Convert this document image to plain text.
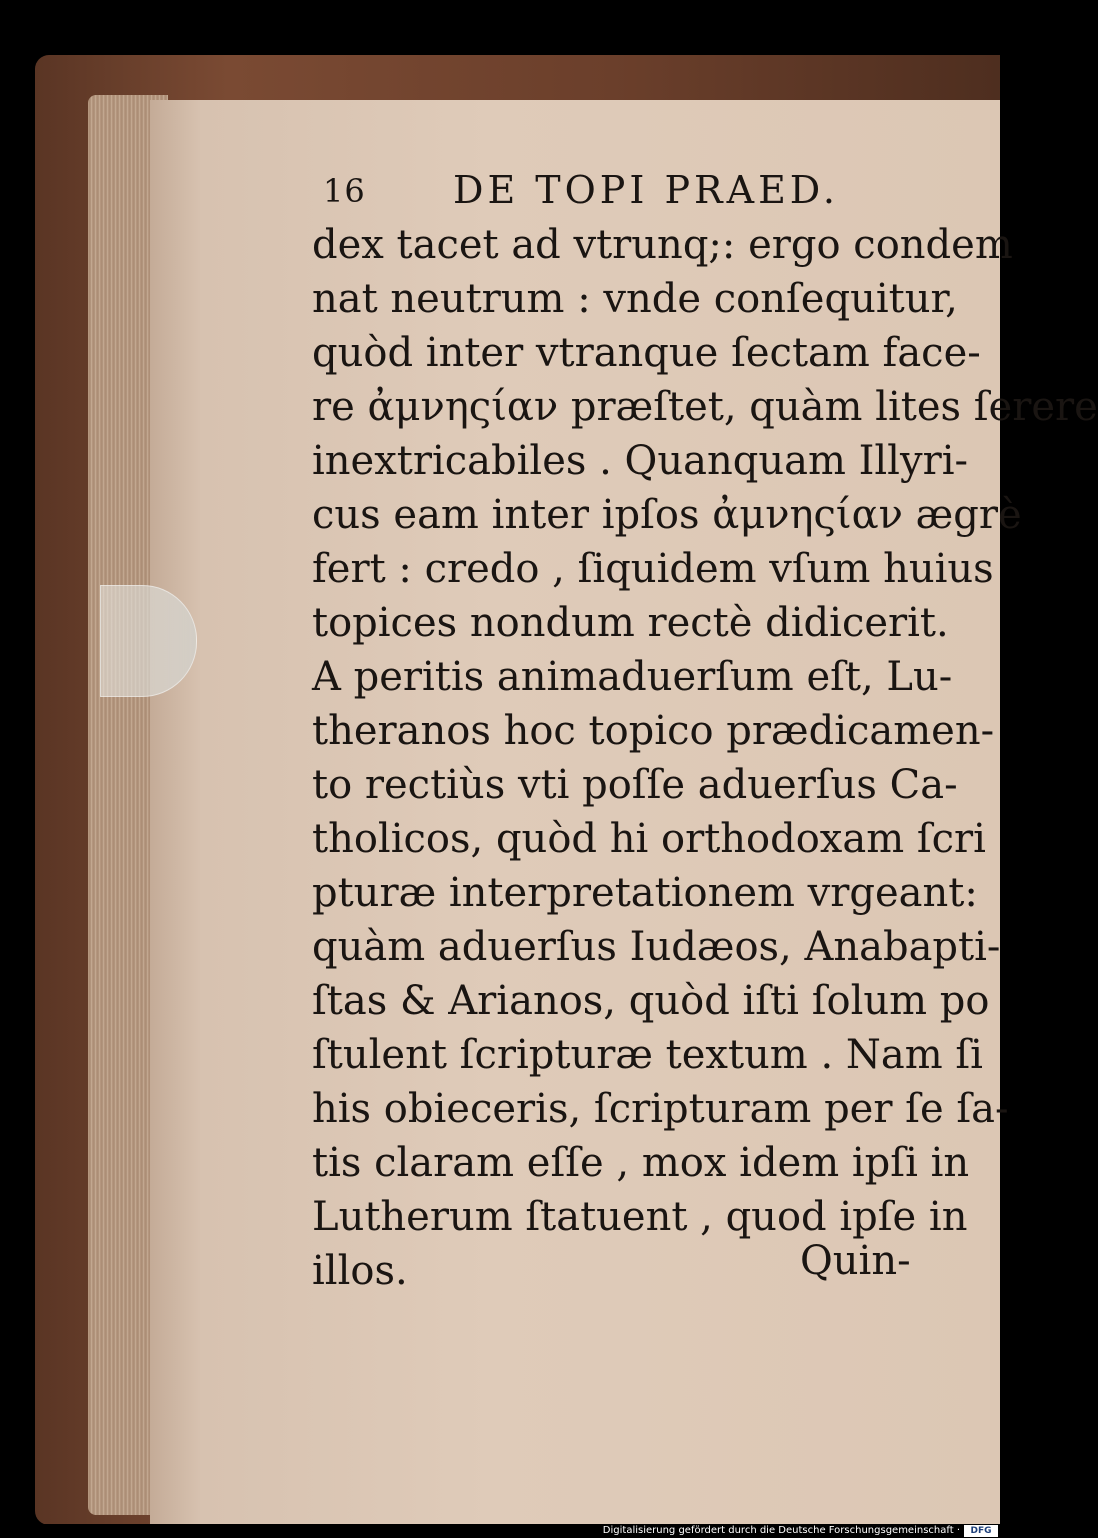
16 DE TOPI PRAED.
dex tacet ad vtrunq;: ergo condem
nat neutrum : vnde conſequitur,
quòd inter vtranque ſectam face-
re ἀμνηςίαν præſtet, quàm lites ſerere
inextricabiles . Quanquam Illyri-
cus eam inter ipſos ἀμνηςίαν ægrè
fert : credo , ſiquidem vſum huius
topices nondum rectè didicerit.
A peritis animaduerſum eſt, Lu-
theranos hoc topico prædicamen-
to rectiùs vti poſſe aduerſus Ca-
tholicos, quòd hi orthodoxam ſcri
pturæ interpretationem vrgeant:
quàm aduerſus Iudæos, Anabapti-
ſtas & Arianos, quòd iſti ſolum po
ſtulent ſcripturæ textum . Nam ſi
his obieceris, ſcripturam per ſe ſa-
tis claram eſſe , mox idem ipſi in
Lutherum ſtatuent , quod ipſe in
illos.	Quin-
Digitalisierung gefördert durch die Deutsche Forschungsgemeinschaft ·	DFG
